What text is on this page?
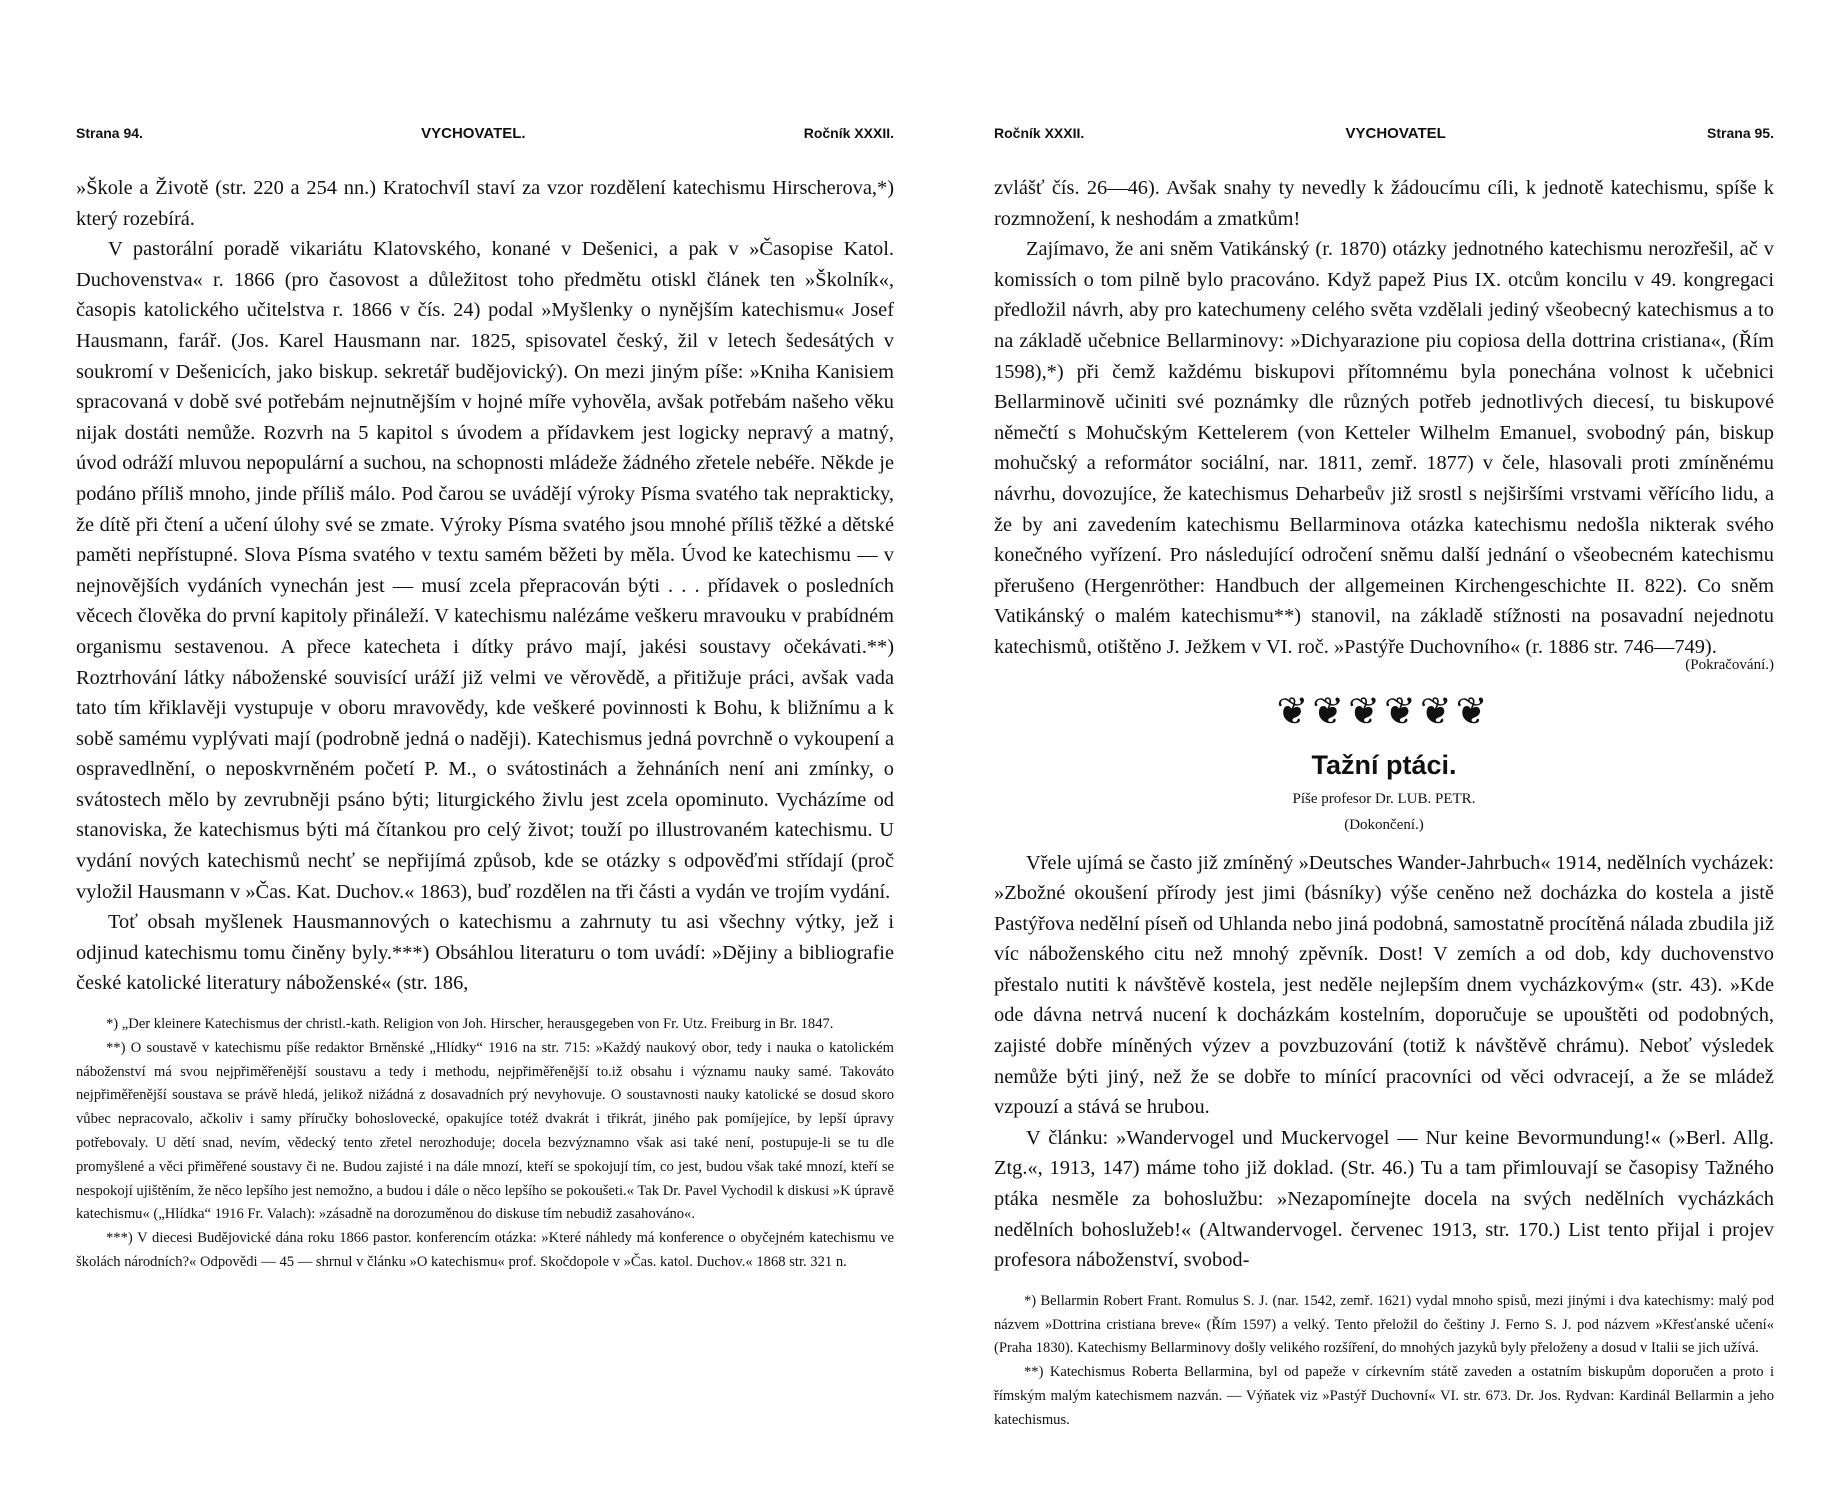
Strana 94.	VYCHOVATEL.	Ročník XXXII.

»Škole a Životě (str. 220 a 254 nn.) Kratochvíl staví za vzor rozdělení katechismu Hirscherova,*) který rozebírá.

V pastorální poradě vikariátu Klatovského, konané v Dešenici, a pak v »Časopise Katol. Duchovenstva« r. 1866 (pro časovost a důležitost toho předmětu otiskl článek ten »Školník«, časopis katolického učitelstva r. 1866 v čís. 24) podal »Myšlenky o nynějším katechismu« Josef Hausmann, farář. (Jos. Karel Hausmann nar. 1825, spisovatel český, žil v letech šedesátých v soukromí v Dešenicích, jako biskup. sekretář budějovický). On mezi jiným píše: »Kniha Kanisiem spracovaná v době své potřebám nejnutnějším v hojné míře vyhověla, avšak potřebám našeho věku nijak dostáti nemůže. Rozvrh na 5 kapitol s úvodem a přídavkem jest logicky nepravý a matný, úvod odráží mluvou nepopulární a suchou, na schopnosti mládeže žádného zřetele nebéře. Někde je podáno příliš mnoho, jinde příliš málo. Pod čarou se uvádějí výroky Písma svatého tak neprakticky, že dítě při čtení a učení úlohy své se zmate. Výroky Písma svatého jsou mnohé příliš těžké a dětské paměti nepřístupné. Slova Písma svatého v textu samém běžeti by měla. Úvod ke katechismu — v nejnovějších vydáních vynechán jest — musí zcela přepracován býti . . . přídavek o posledních věcech člověka do první kapitoly přináleží. V katechismu nalézáme veškeru mravouku v prabídném organismu sestavenou. A přece katecheta i dítky právo mají, jakési soustavy očekávati.**) Roztrhování látky náboženské souvisící uráží již velmi ve věrovědě, a přitižuje práci, avšak vada tato tím křiklavěji vystupuje v oboru mravovědy, kde veškeré povinnosti k Bohu, k bližnímu a k sobě samému vyplývati mají (podrobně jedná o naději). Katechismus jedná povrchně o vykoupení a ospravedlnění, o neposkvrněném početí P. M., o svátostinách a žehnáních není ani zmínky, o svátostech mělo by zevrubněji psáno býti; liturgického živlu jest zcela opominuto. Vycházíme od stanoviska, že katechismus býti má čítankou pro celý život; touží po illustrovaném katechismu. U vydání nových katechismů nechť se nepřijímá způsob, kde se otázky s odpověďmi střídají (proč vyložil Hausmann v »Čas. Kat. Duchov.« 1863), buď rozdělen na tři části a vydán ve trojím vydání.

Toť obsah myšlenek Hausmannových o katechismu a zahrnuty tu asi všechny výtky, jež i odjinud katechismu tomu činěny byly.***) Obsáhlou literaturu o tom uvádí: »Dějiny a bibliografie české katolické literatury náboženské« (str. 186,

*) „Der kleinere Katechismus der christl.-kath. Religion von Joh. Hirscher, herausgegeben von Fr. Utz. Freiburg in Br. 1847.

**) O soustavě v katechismu píše redaktor Brněnské „Hlídky“ 1916 na str. 715: »Každý naukový obor, tedy i nauka o katolickém náboženství má svou nejpřiměřenější soustavu a tedy i methodu, nejpřiměřenější to.iž obsahu i významu nauky samé. Takováto nejpřiměřenější soustava se právě hledá, jelikož nižádná z dosavadních prý nevyhovuje. O soustavnosti nauky katolické se dosud skoro vůbec nepracovalo, ačkoliv i samy příručky bohoslovecké, opakujíce totéž dvakrát i třikrát, jiného pak pomíjejíce, by lepší úpravy potřebovaly. U dětí snad, nevím, vědecký tento zřetel nerozhoduje; docela bezvýznamno však asi také není, postupuje-li se tu dle promyšlené a věci přiměřené soustavy či ne. Budou zajisté i na dále mnozí, kteří se spokojují tím, co jest, budou však také mnozí, kteří se nespokojí ujištěním, že něco lepšího jest nemožno, a budou i dále o něco lepšího se pokoušeti.« Tak Dr. Pavel Vychodil k diskusi »K úpravě katechismu« („Hlídka“ 1916 Fr. Valach): »zásadně na dorozuměnou do diskuse tím nebudiž zasahováno«.

***) V diecesi Budějovické dána roku 1866 pastor. konferencím otázka: »Které náhledy má konference o obyčejném katechismu ve školách národních?« Odpovědi — 45 — shrnul v článku »O katechismu« prof. Skočdopole v »Čas. katol. Duchov.« 1868 str. 321 n.

Ročník XXXII.	VYCHOVATEL	Strana 95.

zvlášť čís. 26—46). Avšak snahy ty nevedly k žádoucímu cíli, k jednotě katechismu, spíše k rozmnožení, k neshodám a zmatkům!

Zajímavo, že ani sněm Vatikánský (r. 1870) otázky jednotného katechismu nerozřešil, ač v komissích o tom pilně bylo pracováno. Když papež Pius IX. otcům koncilu v 49. kongregaci předložil návrh, aby pro katechumeny celého světa vzdělali jediný všeobecný katechismus a to na základě učebnice Bellarminovy: »Dichyarazione piu copiosa della dottrina cristiana«, (Řím 1598),*) při čemž každému biskupovi přítomnému byla ponechána volnost k učebnici Bellarminově učiniti své poznámky dle různých potřeb jednotlivých diecesí, tu biskupové němečtí s Mohučským Kettelerem (von Ketteler Wilhelm Emanuel, svobodný pán, biskup mohučský a reformátor sociální, nar. 1811, zemř. 1877) v čele, hlasovali proti zmíněnému návrhu, dovozujíce, že katechismus Deharbeův již srostl s nejširšími vrstvami věřícího lidu, a že by ani zavedením katechismu Bellarminova otázka katechismu nedošla nikterak svého konečného vyřízení. Pro následující odročení sněmu další jednání o všeobecném katechismu přerušeno (Hergenröther: Handbuch der allgemeinen Kirchengeschichte II. 822). Co sněm Vatikánský o malém katechismu**) stanovil, na základě stížnosti na posavadní nejednotu katechismů, otištěno J. Ježkem v VI. roč. »Pastýře Duchovního« (r. 1886 str. 746—749).

(Pokračování.)
❦❦❦❦❦❦
Tažní ptáci.
Píše profesor Dr. LUB. PETR.
(Dokončení.)

Vřele ujímá se často již zmíněný »Deutsches Wander-Jahrbuch« 1914, nedělních vycházek: »Zbožné okoušení přírody jest jimi (básníky) výše ceněno než docházka do kostela a jistě Pastýřova nedělní píseň od Uhlanda nebo jiná podobná, samostatně procítěná nálada zbudila již víc náboženského citu než mnohý zpěvník. Dost! V zemích a od dob, kdy duchovenstvo přestalo nutiti k návštěvě kostela, jest neděle nejlepším dnem vycházkovým« (str. 43). »Kde ode dávna netrvá nucení k docházkám kostelním, doporučuje se upouštěti od podobných, zajisté dobře míněných výzev a povzbuzování (totiž k návštěvě chrámu). Neboť výsledek nemůže býti jiný, než že se dobře to mínící pracovníci od věci odvracejí, a že se mládež vzpouzí a stává se hrubou.

V článku: »Wandervogel und Muckervogel — Nur keine Bevormundung!« (»Berl. Allg. Ztg.«, 1913, 147) máme toho již doklad. (Str. 46.) Tu a tam přimlouvají se časopisy Tažného ptáka nesměle za bohoslužbu: »Nezapomínejte docela na svých nedělních vycházkách nedělních bohoslužeb!« (Altwandervogel. červenec 1913, str. 170.) List tento přijal i projev profesora náboženství, svobod-

*) Bellarmin Robert Frant. Romulus S. J. (nar. 1542, zemř. 1621) vydal mnoho spisů, mezi jinými i dva katechismy: malý pod názvem »Dottrina cristiana breve« (Řím 1597) a velký. Tento přeložil do češtiny J. Ferno S. J. pod názvem »Křesťanské učení« (Praha 1830). Katechismy Bellarminovy došly velikého rozšíření, do mnohých jazyků byly přeloženy a dosud v Italii se jich užívá.

**) Katechismus Roberta Bellarmina, byl od papeže v církevním státě zaveden a ostatním biskupům doporučen a proto i římským malým katechismem nazván. — Výňatek viz »Pastýř Duchovní« VI. str. 673. Dr. Jos. Rydvan: Kardinál Bellarmin a jeho katechismus.
